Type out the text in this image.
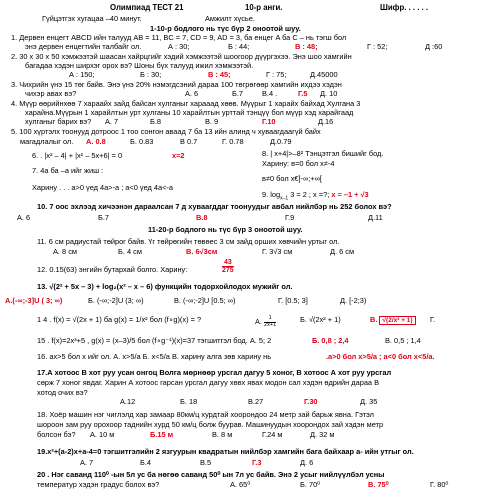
Олимпиад ТЕСТ 21	10-р анги.	Шифр. . . . . .
Гүйцэтгэх хугацаа –40 минут.	Амжилт хүсье.
1-10-р бодлого нь түс бүр 2 оноотой шуу.
1. Дервен енцегт ABCD ийн талууд AB = 11, BC = 7, CD = 9, AD = 3, ба енцег A ба C – нь тэгш бол
энэ дервен енцегтийн талбайг ол.	А : 30;	Б : 44;	В : 48;	Г : 52;	Д :60
2. 30 x 30 x 50 хэмжээтэй шаасан хайрцгийг хэдий хэмжээтэй шоогоор дүүргэхээ. Энэ шоо хамгийн
багадаа хэдэн ширхэг орох вэ? Шоны бүх талууд ижил хэмжээтэй.
А : 150;	Б : 30;	В : 45;	Г : 75;	Д.45000
3. Чихрийн үнэ 15 төг байв. Энэ үнэ 20% нэмэгдсэний дараа 100 төгрөгөөр хамгийн ихдээ хэдэн
чихэр авах вэ?	А. 6	Б.7	В.4 .	Г.5 Д. 10
4. Мүүр өөрийнхөө 7 хараайх зайд байсан хулганыг харааад хөөв. Мүүрыг 1 харайх байхад Хулгана 3
харайна.Мүүрын 1 харайлтын урт хулганы 10 харайлтын урттай тэнцүү бол мүүр хэд харайгаад
хулганыг барих вэ? А. 7	Б.8	В. 9	Г.10	Д.16
5. 100 хүртэлх тоонууд дотроос 1 тоо сонгон аваад 7 ба 13 ийн алинд ч хуваагдаагүй байх
магадлалыг ол. А. 0.8	Б. 0.83	В 0.7	Г. 0.78	Д.0.79
6. . |x² – 4| + |x² – 5x+6| = 0	x=2	8. | x+4|>–8² Тэнцэтгэл бишийг бод.
Харину: в=0 бол x≠-4
7. 4a ба –a ийг жиш :
в≠0 бол x€]-∞;+∞[
Харину . . . а>0 үед 4a>-a ; a<0 үед 4a<-a
9. $\log_{x-1} 3 = 2$ ; x =?; x = –1 + √3
10. 7 оос эхлээд хичээнэн дараалсан 7 д хуваагддаг тоонуудыг авбал нийлбэр нь 252 болох вэ?
А. 6	Б.7	В.8	Г.9	Д.11
11-20-р бодлого нь түс бүр 3 оноотой шуу.
11. 6 см радиустай төйрог байв. Үг төйрөгийн төвөес 3 см зайд орших хөвчийн уртыг ол.
А. 8 см	Б. 4 см	В. 6√3см	Г. 3√3 см	Д. 6 см
12. 0.15(63) энгийн бутархай болго. Харину:	$\frac{43}{275}$
13. √(2² + 5x – 3) + log₂(x² – x – 6) функцийн тодорхойлодох мужийг ол.
А.(-∞;-3]U ( 3; ∞)	Б. (-∞;-2]U (3; ∞)	В. (-∞;-2]U [0.5; ∞)	Г. [0.5; 3]	Д. [-2;3)
1 4 . f(x) = √(2x + 1) ба g(x) = 1/x² бол (f∘g)(x) = ?	А. $\frac{1}{2x+1}$	Б. √(2x² + 1)	В. √(2/x² + 1)	Г.
15 . f(x)=2x³+5 , g(x) = (x–3)/5 бол (f∘g⁻¹)(x)=37 тэгшитгэл бод. А. 5; 2	Б. 0,8 ; 2,4	В. 0,5 ; 1,4
16. ax>5 бол x ийг ол. А. x>5/a Б. x<5/a В. харину алга зөв харину нь	.a>0 бол x>5/a ; a<0 бол x<5/a.
17.А хотоос B хот руу усан онгоц Волга мөрнөөр урсгал дагуу 5 хоног, B хотоос А хот руу урсгал
сөрж 7 хоног явдаг. Харин А хотоос гарсан урсгал дагуу хөвх явах модон сал хэдэн өдрийн дараа B
хотод очих вэ?
А.12	Б. 18	В.27	Г.30	Д. 35
18. Хоёр машин нэг чиглэлд хар замаар 80км/ц хурдтай хоорондоо 24 метр зай барьж явна. Гэтэл
шороон зам руу орохоор таднийн хурд 50 км/ц болж буурав. Машинуудын хоорондох зай хэдэн метр
болсон бэ? А. 10 м	Б.15 м	В. 8 м	Г.24 м	Д. 32 м
19.x²+(a-2)x+a-4=0 тэгшитгэлийн 2 язгуурын квадратын нийлбэр хамгийн бага байхаар a- ийн утгыг ол.
А. 7	Б.4	В.5	Г.3	Д. 6
20 . Нэг саванд 110⁰ -ын 5л ус ба нөгөө саванд 50⁰ ын 7л ус байв. Энэ 2 усыг нийлүүлбэл усны
температур хэдэн градус болох вэ?	А. 65⁰	Б. 70⁰	В. 75⁰	Г. 80⁰
